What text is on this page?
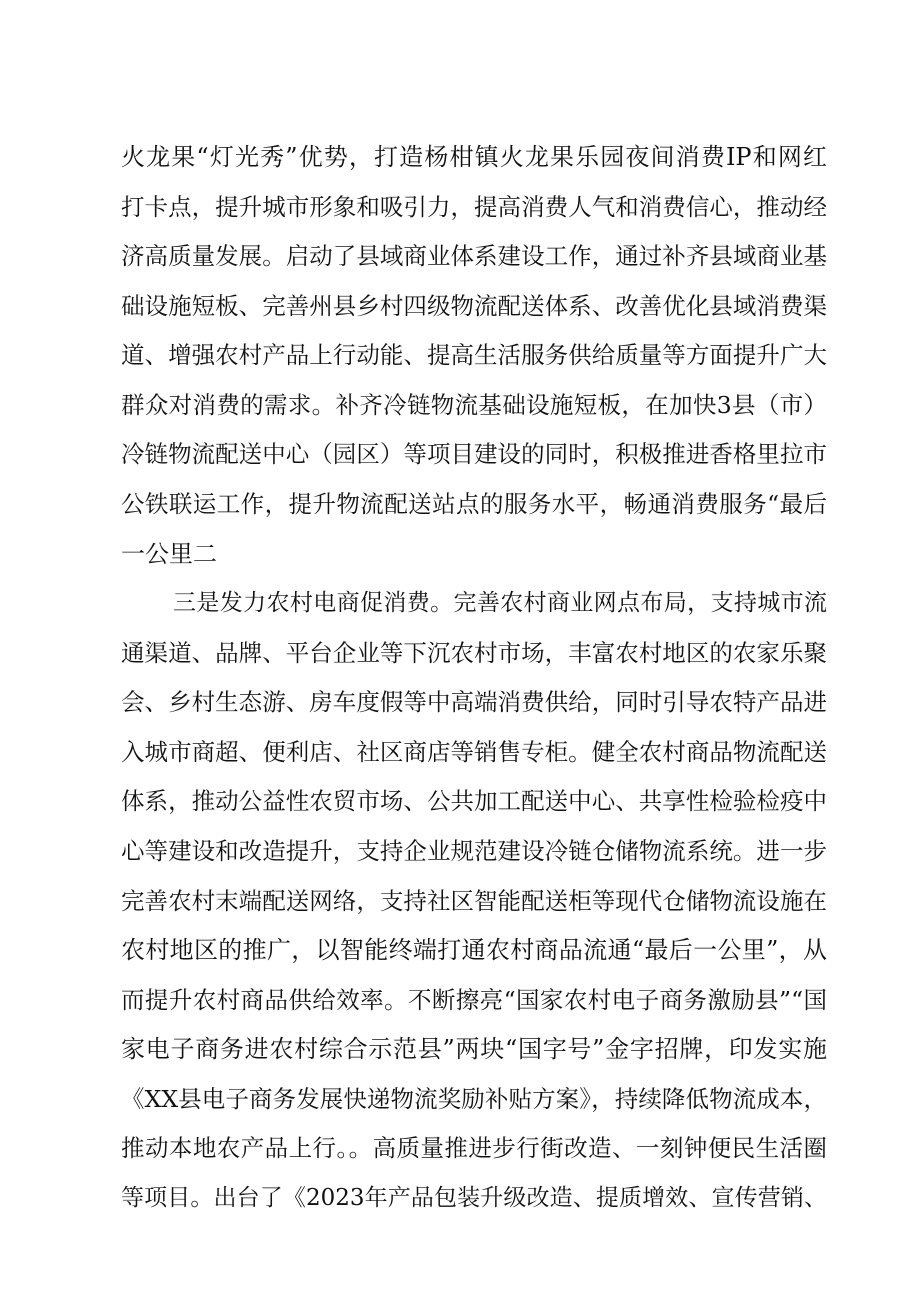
火龙果“灯光秀”优势，打造杨柑镇火龙果乐园夜间消费IP和网红
打卡点，提升城市形象和吸引力，提高消费人气和消费信心，推动经
济高质量发展。启动了县域商业体系建设工作，通过补齐县域商业基
础设施短板、完善州县乡村四级物流配送体系、改善优化县域消费渠
道、增强农村产品上行动能、提高生活服务供给质量等方面提升广大
群众对消费的需求。补齐冷链物流基础设施短板，在加快3县（市）
冷链物流配送中心（园区）等项目建设的同时，积极推进香格里拉市
公铁联运工作，提升物流配送站点的服务水平，畅通消费服务“最后
一公里二
三是发力农村电商促消费。完善农村商业网点布局，支持城市流
通渠道、品牌、平台企业等下沉农村市场，丰富农村地区的农家乐聚
会、乡村生态游、房车度假等中高端消费供给，同时引导农特产品进
入城市商超、便利店、社区商店等销售专柜。健全农村商品物流配送
体系，推动公益性农贸市场、公共加工配送中心、共享性检验检疫中
心等建设和改造提升，支持企业规范建设冷链仓储物流系统。进一步
完善农村末端配送网络，支持社区智能配送柜等现代仓储物流设施在
农村地区的推广，以智能终端打通农村商品流通“最后一公里”，从
而提升农村商品供给效率。不断擦亮“国家农村电子商务激励县”“国
家电子商务进农村综合示范县”两块“国字号”金字招牌，印发实施
《XX县电子商务发展快递物流奖励补贴方案》，持续降低物流成本，
推动本地农产品上行。。高质量推进步行街改造、一刻钟便民生活圈
等项目。出台了《2023年产品包装升级改造、提质增效、宣传营销、
